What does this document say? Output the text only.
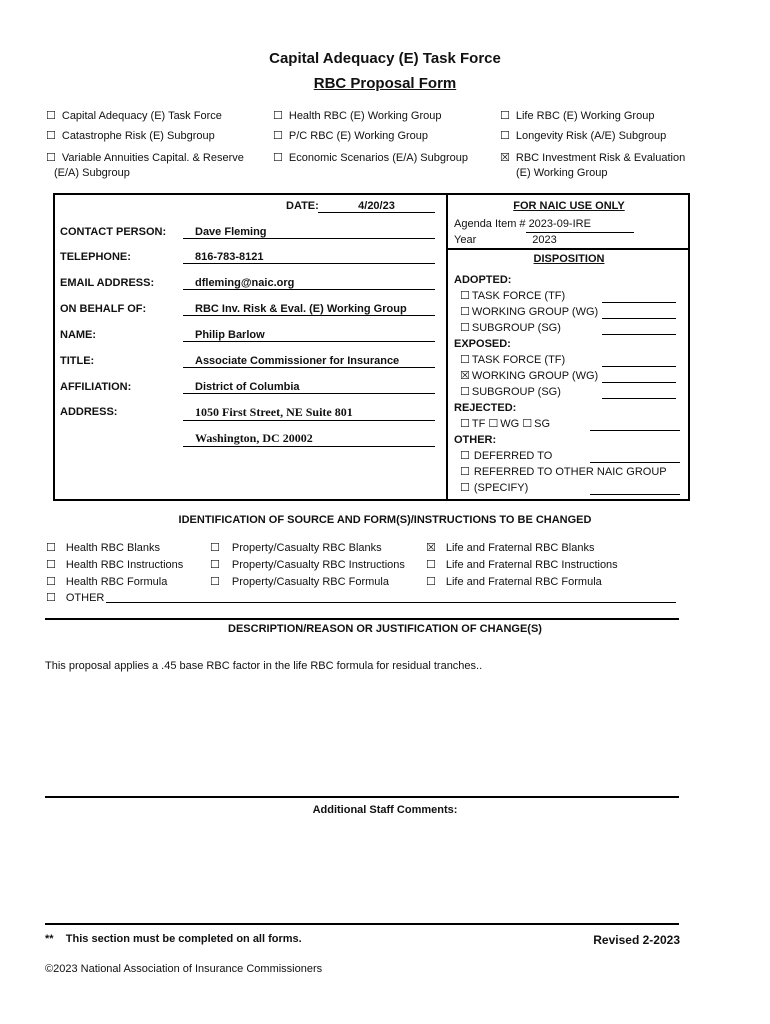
Capital Adequacy (E) Task Force
RBC Proposal Form
☐ Capital Adequacy (E) Task Force	☐ Health RBC (E) Working Group	☐ Life RBC (E) Working Group
☐ Catastrophe Risk (E) Subgroup	☐ P/C RBC (E) Working Group	☐ Longevity Risk (A/E) Subgroup
☐ Variable Annuities Capital. & Reserve
(E/A) Subgroup
☐ Economic Scenarios (E/A) Subgroup	☒ RBC Investment Risk & Evaluation
(E) Working Group
DATE:	4/20/23
CONTACT PERSON:	Dave Fleming
TELEPHONE:	816-783-8121
EMAIL ADDRESS:	dfleming@naic.org
ON BEHALF OF:	RBC Inv. Risk & Eval. (E) Working Group
NAME:	Philip Barlow
TITLE:	Associate Commissioner for Insurance
AFFILIATION:	District of Columbia
ADDRESS:	1050 First Street, NE Suite 801
Washington, DC 20002
FOR NAIC USE ONLY
Agenda Item # 2023-09-IRE
Year	2023
DISPOSITION
ADOPTED:
☐ TASK FORCE (TF)
☐ WORKING GROUP (WG)
☐ SUBGROUP (SG)
EXPOSED:
☐ TASK FORCE (TF)
☒ WORKING GROUP (WG)
☐ SUBGROUP (SG)
REJECTED:
☐ TF ☐ WG ☐ SG
OTHER:
☐ DEFERRED TO
☐ REFERRED TO OTHER NAIC GROUP
☐ (SPECIFY)
IDENTIFICATION OF SOURCE AND FORM(S)/INSTRUCTIONS TO BE CHANGED
☐ Health RBC Blanks	☐ Property/Casualty RBC Blanks	☒ Life and Fraternal RBC Blanks
☐ Health RBC Instructions ☐ Property/Casualty RBC Instructions ☐ Life and Fraternal RBC Instructions
☐ Health RBC Formula	☐ Property/Casualty RBC Formula	☐ Life and Fraternal RBC Formula
☐ OTHER
DESCRIPTION/REASON OR JUSTIFICATION OF CHANGE(S)
This proposal applies a .45 base RBC factor in the life RBC formula for residual tranches..
Additional Staff Comments:
**    This section must be completed on all forms.	Revised 2-2023
©2023 National Association of Insurance Commissioners
